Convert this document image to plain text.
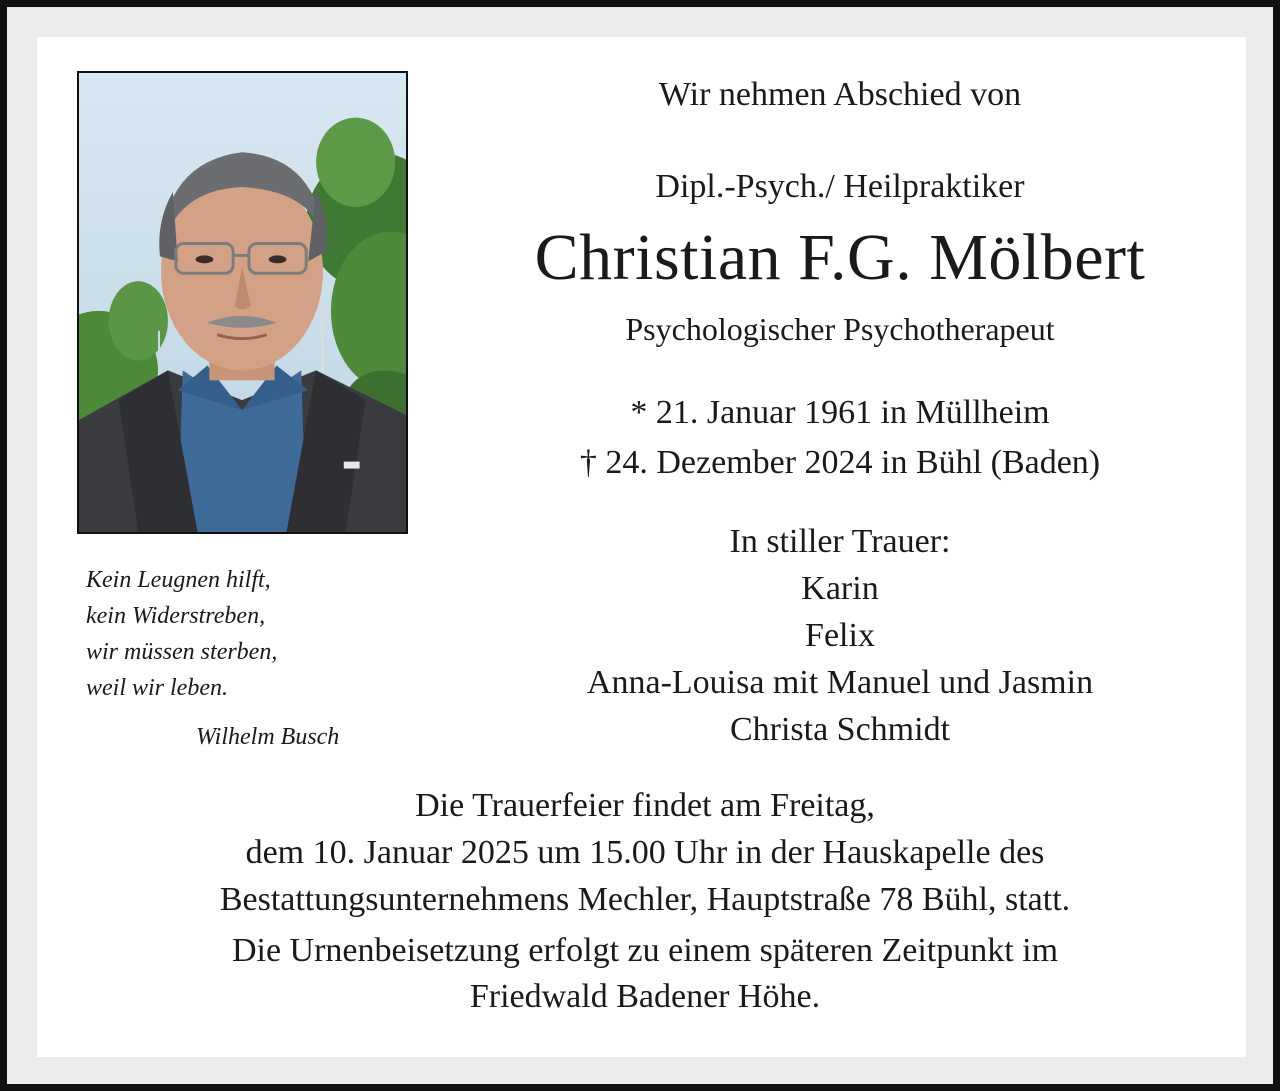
Kein Leugnen hilft,
kein Widerstreben,
wir müssen sterben,
weil wir leben.
Wilhelm Busch
Wir nehmen Abschied von
Dipl.-Psych./ Heilpraktiker
Christian F.G. Mölbert
Psychologischer Psychotherapeut
* 21. Januar 1961 in Müllheim
† 24. Dezember 2024 in Bühl (Baden)
In stiller Trauer:
Karin
Felix
Anna-Louisa mit Manuel und Jasmin
Christa Schmidt
Die Trauerfeier findet am Freitag,
dem 10. Januar 2025 um 15.00 Uhr in der Hauskapelle des
Bestattungsunternehmens Mechler, Hauptstraße 78 Bühl, statt.
Die Urnenbeisetzung erfolgt zu einem späteren Zeitpunkt im
Friedwald Badener Höhe.
